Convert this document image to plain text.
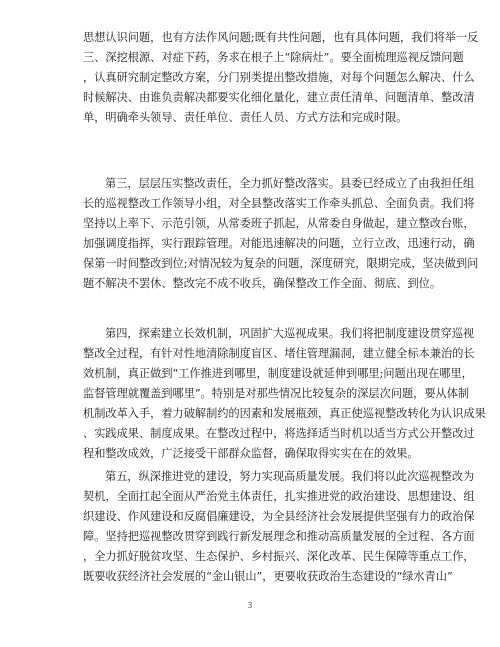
思想认识问题，也有方法作风问题;既有共性问题，也有具体问题，我们将举一反
三、深挖根源、对症下药，务求在根子上“除病灶”。要全面梳理巡视反馈问题
，认真研究制定整改方案，分门别类提出整改措施，对每个问题怎么解决、什么
时候解决、由谁负责解决都要实化细化量化，建立责任清单、问题清单、整改清
单，明确牵头领导、责任单位、责任人员、方式方法和完成时限。
第三，层层压实整改责任，全力抓好整改落实。县委已经成立了由我担任组
长的巡视整改工作领导小组，对全县整改落实工作牵头抓总、全面负责。我们将
坚持以上率下、示范引领，从常委班子抓起，从常委自身做起，建立整改台账，
加强调度指挥，实行跟踪管理。对能迅速解决的问题，立行立改，迅速行动，确
保第一时间整改到位;对情况较为复杂的问题，深度研究，限期完成，坚决做到问
题不解决不罢休、整改完不成不收兵，确保整改工作全面、彻底、到位。
第四，探索建立长效机制，巩固扩大巡视成果。我们将把制度建设贯穿巡视
整改全过程，有针对性地清除制度盲区、堵住管理漏洞，建立健全标本兼治的长
效机制，真正做到“工作推进到哪里，制度建设就延伸到哪里;问题出现在哪里，
监督管理就覆盖到哪里”。特别是对那些情况比较复杂的深层次问题，要从体制
机制改革入手，着力破解制约的因素和发展瓶颈，真正使巡视整改转化为认识成果
、实践成果、制度成果。在整改过程中，将选择适当时机以适当方式公开整改过
程和整改成效，广泛接受干部群众监督，确保取得实实在在的效果。
第五，纵深推进党的建设，努力实现高质量发展。我们将以此次巡视整改为
契机，全面扛起全面从严治党主体责任，扎实推进党的政治建设、思想建设、组
织建设、作风建设和反腐倡廉建设，为全县经济社会发展提供坚强有力的政治保
障。坚持把巡视整改贯穿到践行新发展理念和推动高质量发展的全过程、各方面
，全力抓好脱贫攻坚、生态保护、乡村振兴、深化改革、民生保障等重点工作，
既要收获经济社会发展的“金山银山”，更要收获政治生态建设的“绿水青山”
3
